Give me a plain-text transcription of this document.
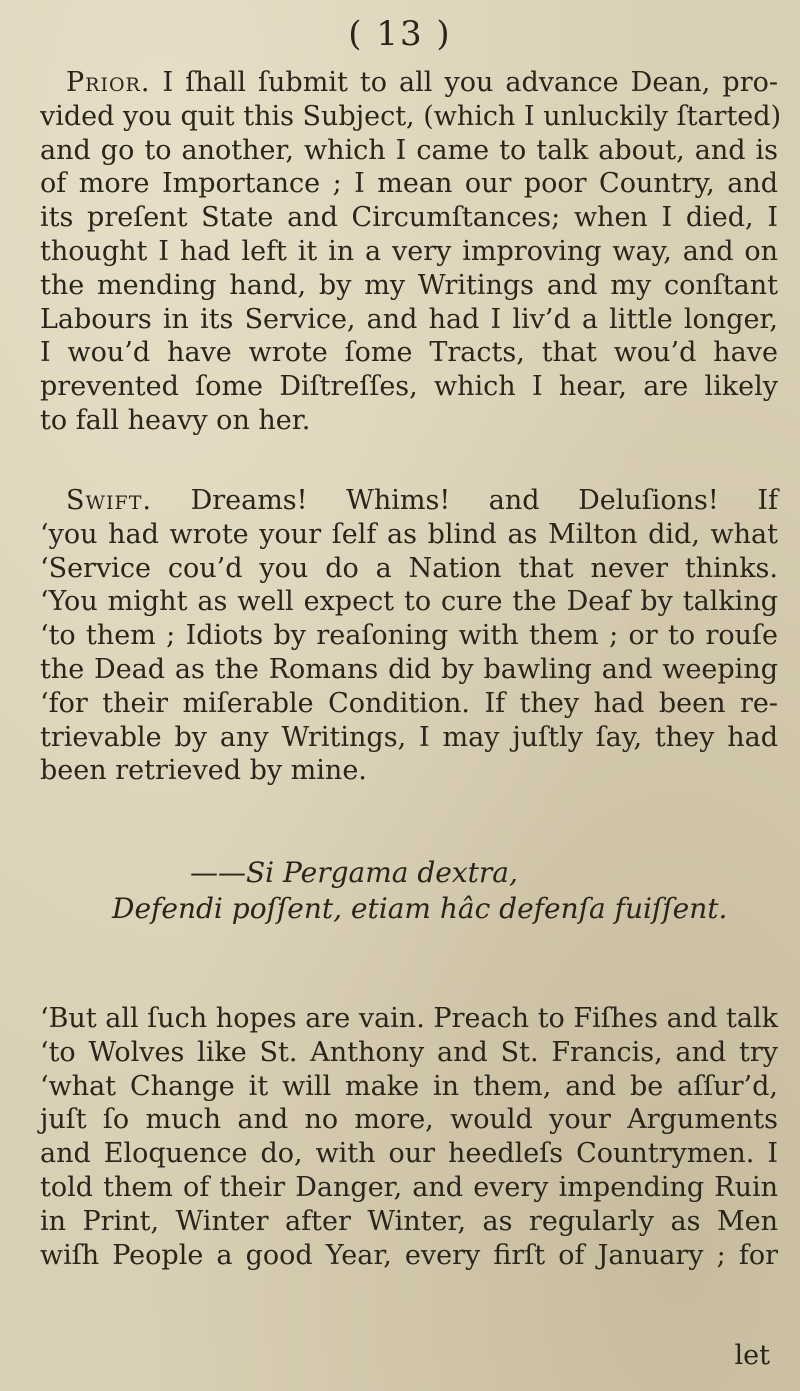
( 13 )
Prior. I ſhall ſubmit to all you advance Dean, pro-
vided you quit this Subject, (which I unluckily ſtarted)
and go to another, which I came to talk about, and is
of more Importance ; I mean our poor Country, and
its preſent State and Circumſtances; when I died, I
thought I had left it in a very improving way, and on
the mending hand, by my Writings and my conſtant
Labours in its Service, and had I liv’d a little longer,
I wou’d have wrote ſome Tracts, that wou’d have
prevented ſome Diſtreſſes, which I hear, are likely
to fall heavy on her.
Swift. Dreams! Whims! and Deluſions! If
‘you had wrote your ſelf as blind as Milton did, what
‘Service cou’d you do a Nation that never thinks.
‘You might as well expect to cure the Deaf by talking
‘to them ; Idiots by reaſoning with them ; or to rouſe
the Dead as the Romans did by bawling and weeping
‘for their miſerable Condition. If they had been re-
trievable by any Writings, I may juſtly ſay, they had
been retrieved by mine.
——Si Pergama dextra,
Defendi poſſent, etiam hâc defenſa fuiſſent.
‘But all ſuch hopes are vain. Preach to Fiſhes and talk
‘to Wolves like St. Anthony and St. Francis, and try
‘what Change it will make in them, and be aſſur’d,
juſt ſo much and no more, would your Arguments
and Eloquence do, with our heedleſs Countrymen. I
told them of their Danger, and every impending Ruin
in Print, Winter after Winter, as regularly as Men
wiſh People a good Year, every firſt of January ; for
let
